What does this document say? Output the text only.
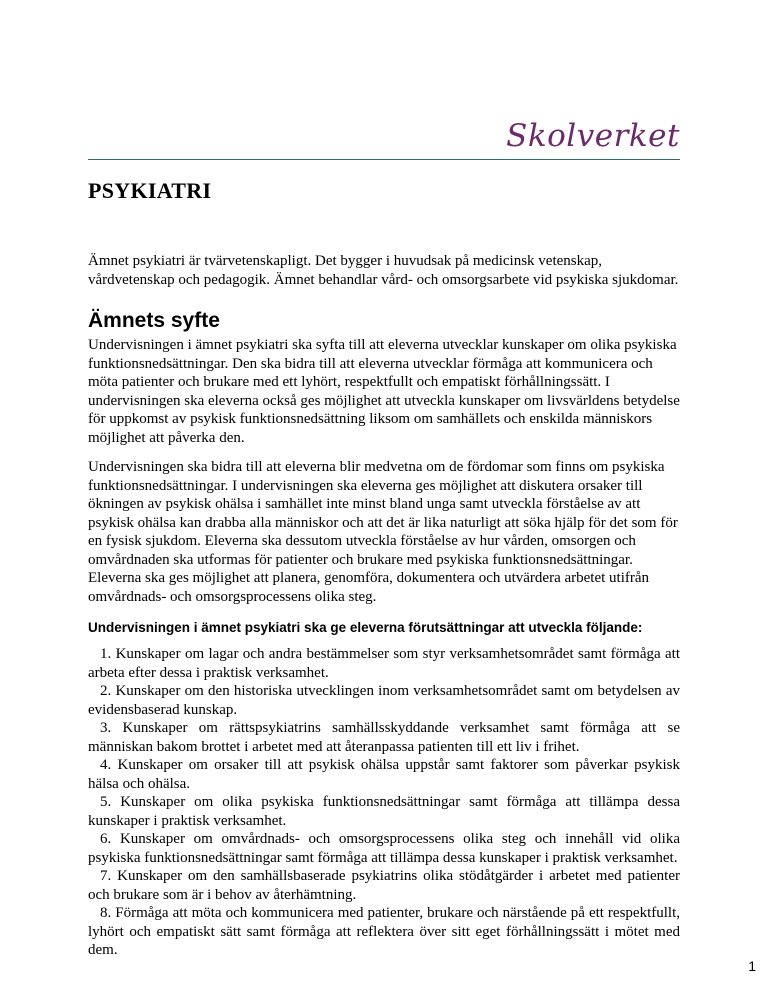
Skolverket
PSYKIATRI

Ämnet psykiatri är tvärvetenskapligt. Det bygger i huvudsak på medicinsk vetenskap, vårdvetenskap och pedagogik. Ämnet behandlar vård- och omsorgsarbete vid psykiska sjukdomar.

Ämnets syfte

Undervisningen i ämnet psykiatri ska syfta till att eleverna utvecklar kunskaper om olika psykiska funktionsnedsättningar. Den ska bidra till att eleverna utvecklar förmåga att kommunicera och möta patienter och brukare med ett lyhört, respektfullt och empatiskt förhållningssätt. I undervisningen ska eleverna också ges möjlighet att utveckla kunskaper om livsvärldens betydelse för uppkomst av psykisk funktionsnedsättning liksom om samhällets och enskilda människors möjlighet att påverka den.

Undervisningen ska bidra till att eleverna blir medvetna om de fördomar som finns om psykiska funktionsnedsättningar. I undervisningen ska eleverna ges möjlighet att diskutera orsaker till ökningen av psykisk ohälsa i samhället inte minst bland unga samt utveckla förståelse av att psykisk ohälsa kan drabba alla människor och att det är lika naturligt att söka hjälp för det som för en fysisk sjukdom. Eleverna ska dessutom utveckla förståelse av hur vården, omsorgen och omvårdnaden ska utformas för patienter och brukare med psykiska funktionsnedsättningar. Eleverna ska ges möjlighet att planera, genomföra, dokumentera och utvärdera arbetet utifrån omvårdnads- och omsorgsprocessens olika steg.

Undervisningen i ämnet psykiatri ska ge eleverna förutsättningar att utveckla följande:
1. Kunskaper om lagar och andra bestämmelser som styr verksamhetsområdet samt förmåga att arbeta efter dessa i praktisk verksamhet.
2. Kunskaper om den historiska utvecklingen inom verksamhetsområdet samt om betydelsen av evidensbaserad kunskap.
3. Kunskaper om rättspsykiatrins samhällsskyddande verksamhet samt förmåga att se människan bakom brottet i arbetet med att återanpassa patienten till ett liv i frihet.
4. Kunskaper om orsaker till att psykisk ohälsa uppstår samt faktorer som påverkar psykisk hälsa och ohälsa.
5. Kunskaper om olika psykiska funktionsnedsättningar samt förmåga att tillämpa dessa kunskaper i praktisk verksamhet.
6. Kunskaper om omvårdnads- och omsorgsprocessens olika steg och innehåll vid olika psykiska funktionsnedsättningar samt förmåga att tillämpa dessa kunskaper i praktisk verksamhet.
7. Kunskaper om den samhällsbaserade psykiatrins olika stödåtgärder i arbetet med patienter och brukare som är i behov av återhämtning.
8. Förmåga att möta och kommunicera med patienter, brukare och närstående på ett respektfullt, lyhört och empatiskt sätt samt förmåga att reflektera över sitt eget förhållningssätt i mötet med dem.
1
